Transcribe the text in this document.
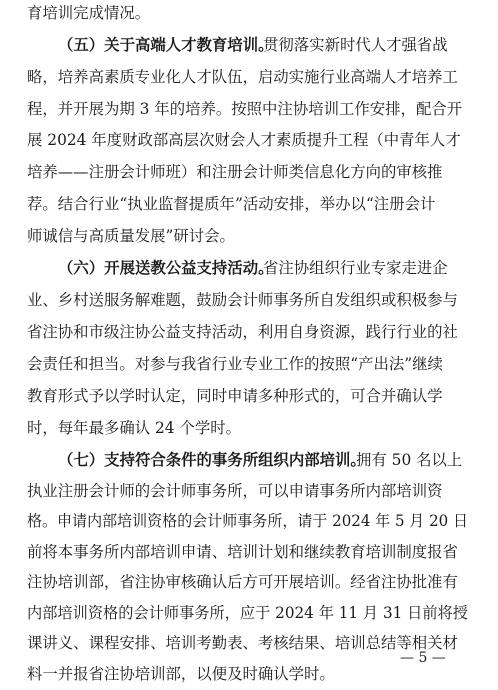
育培训完成情况。
（五）关于高端人才教育培训。
贯彻落实新时代人才强省战
略，培养高素质专业化人才队伍，启动实施行业高端人才培养工
程，并开展为期 3 年的培养。按照中注协培训工作安排，配合开
展 2024 年度财政部高层次财会人才素质提升工程（中青年人才
培养——注册会计师班）和注册会计师类信息化方向的审核推
荐。结合行业“执业监督提质年”活动安排，举办以“注册会计
师诚信与高质量发展”研讨会。
（六）开展送教公益支持活动。
省注协组织行业专家走进企
业、乡村送服务解难题，鼓励会计师事务所自发组织或积极参与
省注协和市级注协公益支持活动，利用自身资源，践行行业的社
会责任和担当。对参与我省行业专业工作的按照“产出法”继续
教育形式予以学时认定，同时申请多种形式的，可合并确认学
时，每年最多确认 24 个学时。
（七）支持符合条件的事务所组织内部培训。
拥有 50 名以上
执业注册会计师的会计师事务所，可以申请事务所内部培训资
格。申请内部培训资格的会计师事务所，请于 2024 年 5 月 20 日
前将本事务所内部培训申请、培训计划和继续教育培训制度报省
注协培训部，省注协审核确认后方可开展培训。经省注协批准有
内部培训资格的会计师事务所，应于 2024 年 11 月 31 日前将授
课讲义、课程安排、培训考勤表、考核结果、培训总结等相关材
料一并报省注协培训部，以便及时确认学时。
— 5 —
